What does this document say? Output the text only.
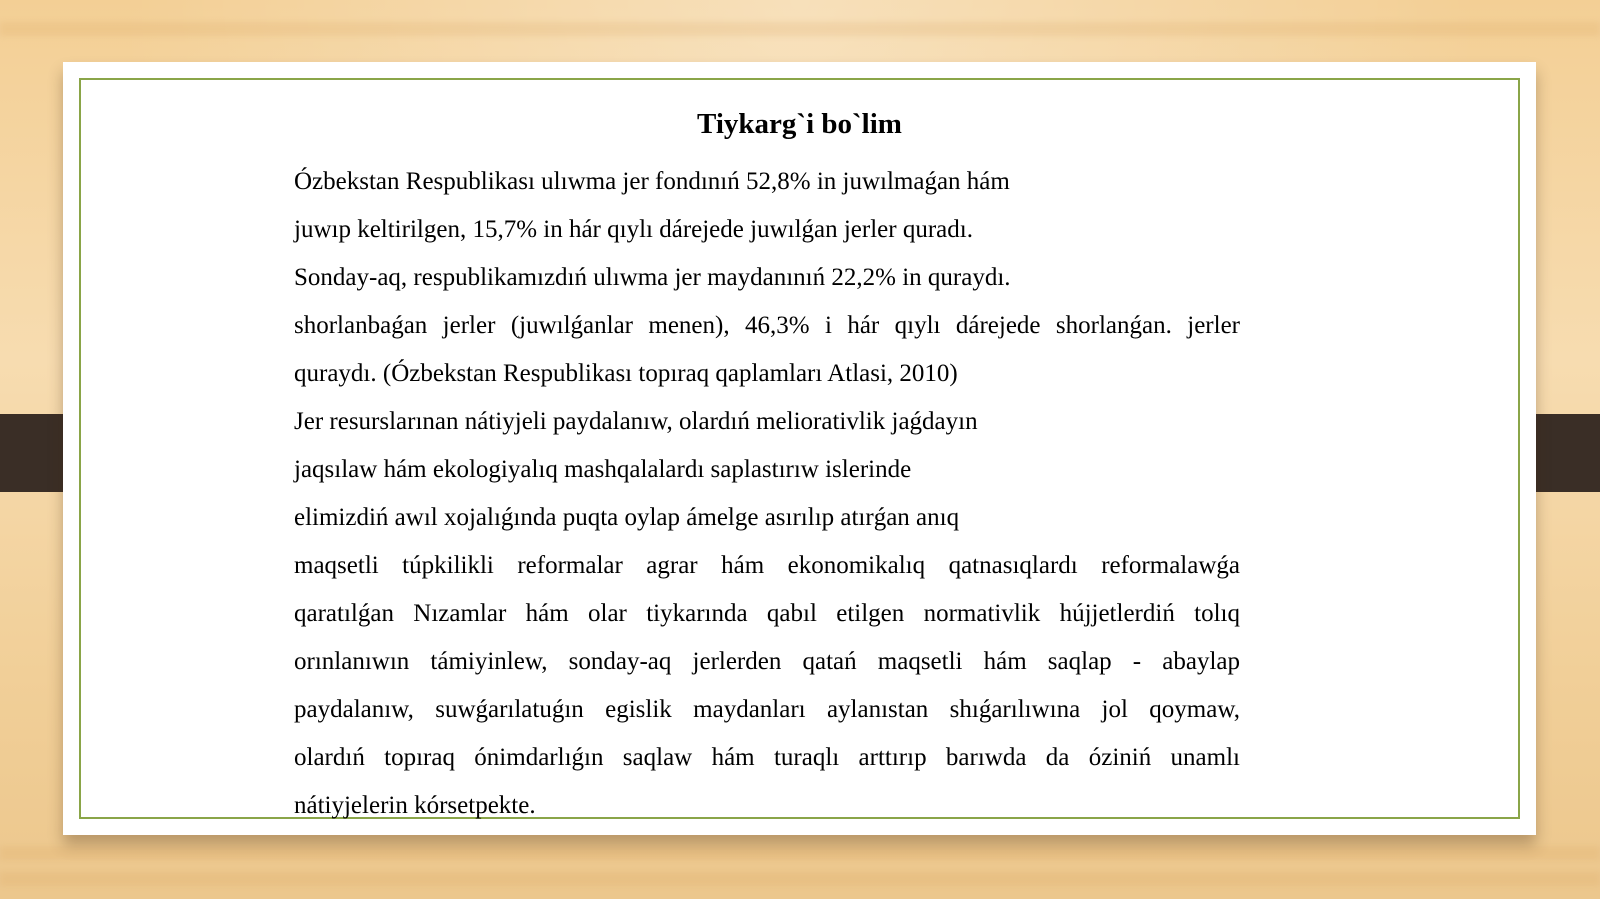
Tiykarg`i bo`lim
Ózbekstan Respublikası ulıwma jer fondınıń 52,8% in juwılmaǵan hám
juwıp keltirilgen, 15,7% in hár qıylı dárejede juwılǵan jerler quradı.
Sonday-aq, respublikamızdıń ulıwma jer maydanınıń 22,2% in quraydı.
shorlanbaǵan jerler (juwılǵanlar menen), 46,3% i hár qıylı dárejede shorlanǵan. jerler
quraydı. (Ózbekstan Respublikası topıraq qaplamları Atlasi, 2010)
Jer resurslarınan nátiyjeli paydalanıw, olardıń meliorativlik jaǵdayın
jaqsılaw hám ekologiyalıq mashqalalardı saplastırıw islerinde
elimizdiń awıl xojalıǵında puqta oylap ámelge asırılıp atırǵan anıq
maqsetli túpkilikli reformalar agrar hám ekonomikalıq qatnasıqlardı reformalawǵa
qaratılǵan Nızamlar hám olar tiykarında qabıl etilgen normativlik hújjetlerdiń tolıq
orınlanıwın támiyinlew, sonday-aq jerlerden qatań maqsetli hám saqlap - abaylap
paydalanıw, suwǵarılatuǵın egislik maydanları aylanıstan shıǵarılıwına jol qoymaw,
olardıń topıraq ónimdarlıǵın saqlaw hám turaqlı arttırıp barıwda da óziniń unamlı
nátiyjelerin kórsetpekte.
